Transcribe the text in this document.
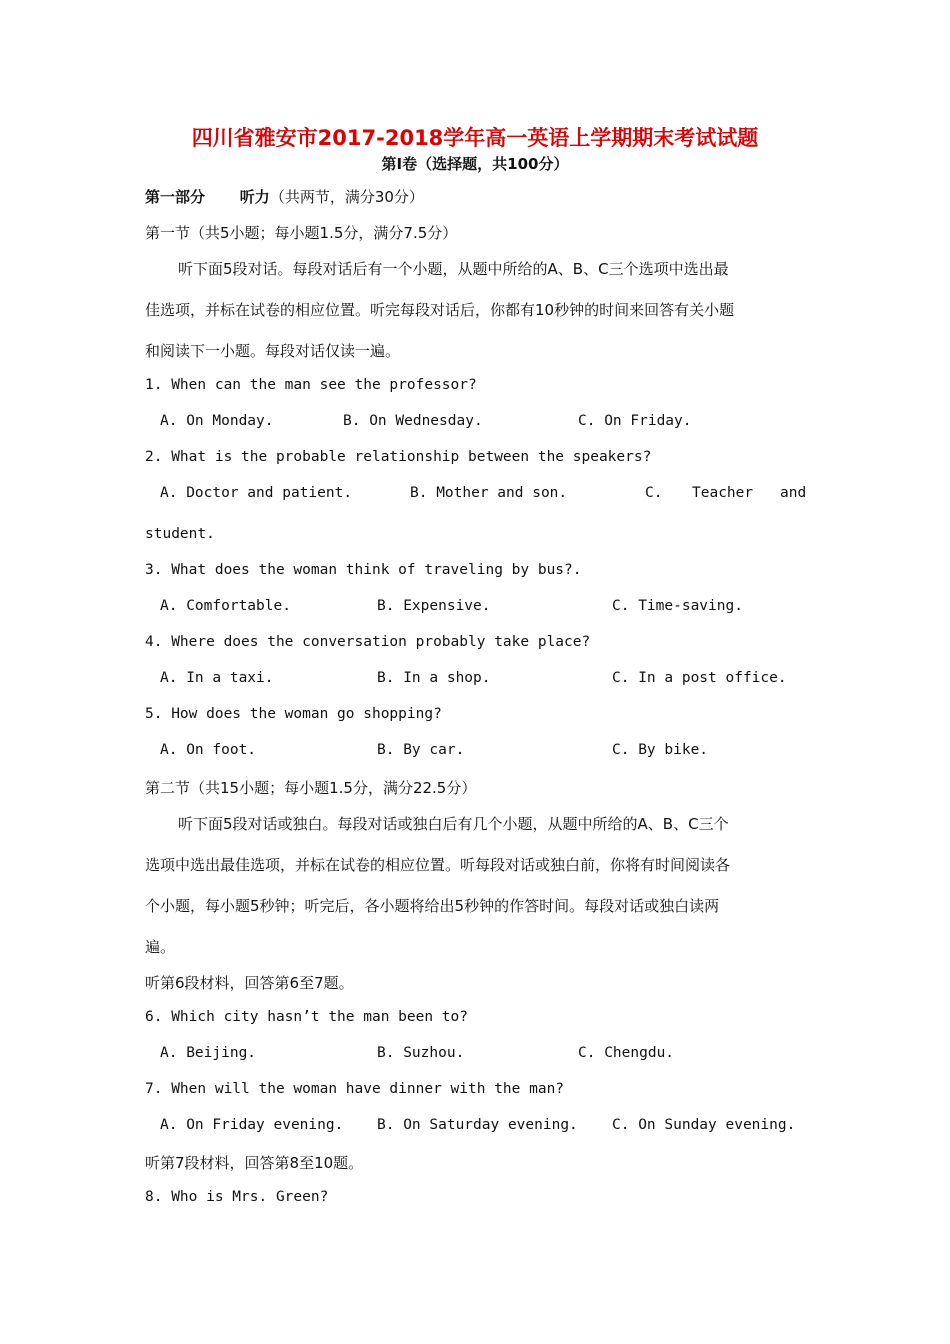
四川省雅安市2017-2018学年高一英语上学期期末考试试题
第I卷（选择题，共100分）
第一部分 听力（共两节，满分30分）
第一节（共5小题；每小题1.5分，满分7.5分）
听下面5段对话。每段对话后有一个小题，从题中所给的A、B、C三个选项中选出最
佳选项，并标在试卷的相应位置。听完每段对话后，你都有10秒钟的时间来回答有关小题
和阅读下一小题。每段对话仅读一遍。
1. When can the man see the professor?
A. On Monday.	B. On Wednesday.	C. On Friday.
2. What is the probable relationship between the speakers?
A. Doctor and patient.	B. Mother and son.	C. Teacher and
student.
3. What does the woman think of traveling by bus?.
A. Comfortable.	B. Expensive.	C. Time-saving.
4. Where does the conversation probably take place?
A. In a taxi.	B. In a shop.	C. In a post office.
5. How does the woman go shopping?
A. On foot.	B. By car.	C. By bike.
第二节（共15小题；每小题1.5分，满分22.5分）
听下面5段对话或独白。每段对话或独白后有几个小题，从题中所给的A、B、C三个
选项中选出最佳选项，并标在试卷的相应位置。听每段对话或独白前，你将有时间阅读各
个小题，每小题5秒钟；听完后，各小题将给出5秒钟的作答时间。每段对话或独白读两
遍。
听第6段材料，回答第6至7题。
6. Which city hasn’t the man been to?
A. Beijing.	B. Suzhou.	C. Chengdu.
7. When will the woman have dinner with the man?
A. On Friday evening. B. On Saturday evening. C. On Sunday evening.
听第7段材料，回答第8至10题。
8. Who is Mrs. Green?
